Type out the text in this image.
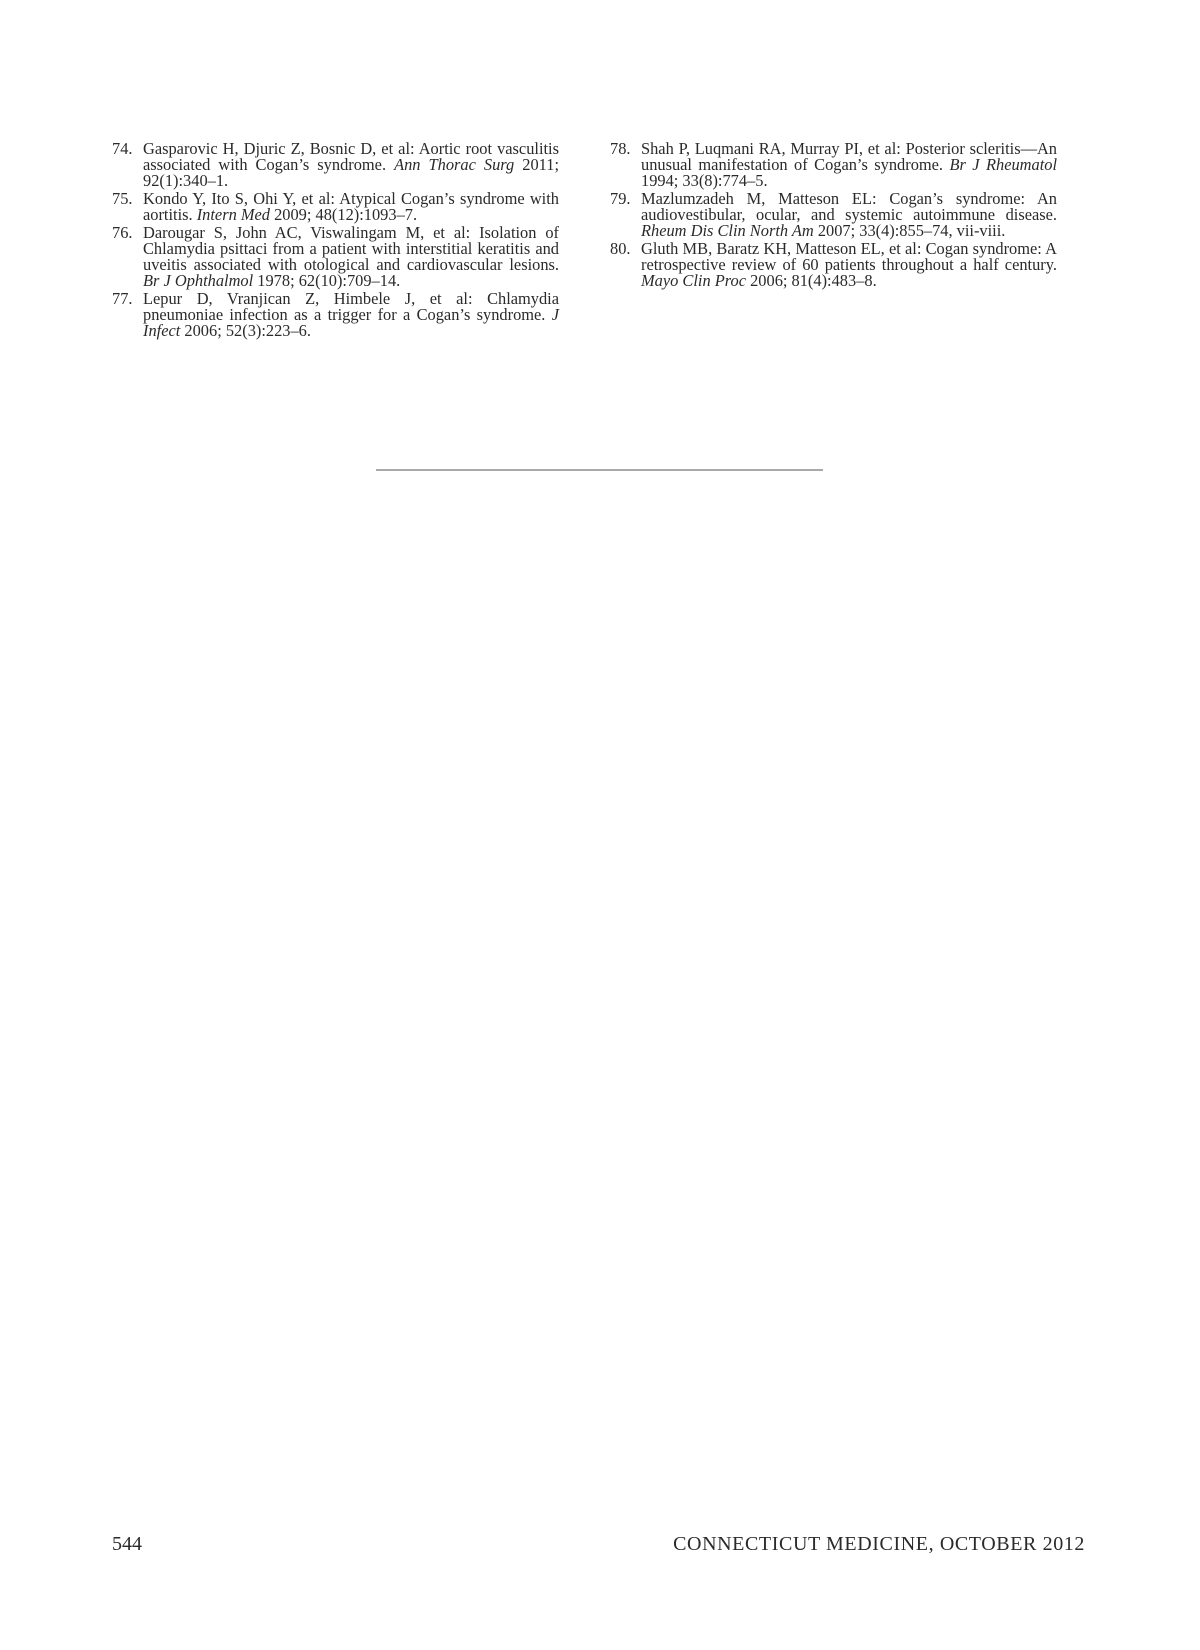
74. Gasparovic H, Djuric Z, Bosnic D, et al: Aortic root vasculitis associated with Cogan’s syndrome. Ann Thorac Surg 2011; 92(1):340–1.
75. Kondo Y, Ito S, Ohi Y, et al: Atypical Cogan’s syndrome with aortitis. Intern Med 2009; 48(12):1093–7.
76. Darougar S, John AC, Viswalingam M, et al: Isolation of Chlamydia psittaci from a patient with interstitial keratitis and uveitis associated with otological and cardiovascular lesions. Br J Ophthalmol 1978; 62(10):709–14.
77. Lepur D, Vranjican Z, Himbele J, et al: Chlamydia pneumoniae infection as a trigger for a Cogan’s syndrome. J Infect 2006; 52(3):223–6.
78. Shah P, Luqmani RA, Murray PI, et al: Posterior scleritis—An unusual manifestation of Cogan’s syndrome. Br J Rheumatol 1994; 33(8):774–5.
79. Mazlumzadeh M, Matteson EL: Cogan’s syndrome: An audiovestibular, ocular, and systemic autoimmune disease. Rheum Dis Clin North Am 2007; 33(4):855–74, vii-viii.
80. Gluth MB, Baratz KH, Matteson EL, et al: Cogan syndrome: A retrospective review of 60 patients throughout a half century. Mayo Clin Proc 2006; 81(4):483–8.
544	CONNECTICUT MEDICINE, OCTOBER 2012
